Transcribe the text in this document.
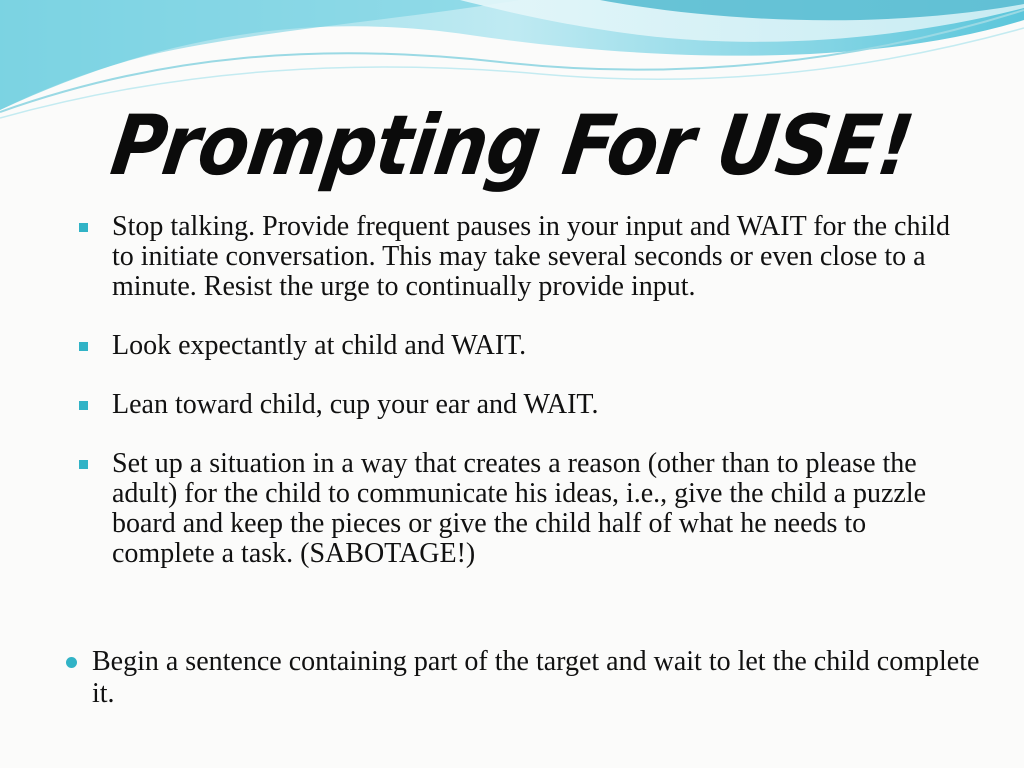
Prompting For USE!
Stop talking. Provide frequent pauses in your input and WAIT for the child to initiate conversation. This may take several seconds or even close to a minute. Resist the urge to continually provide input.
Look expectantly at child and WAIT.
Lean toward child, cup your ear and WAIT.
Set up a situation in a way that creates a reason (other than to please the adult) for the child to communicate his ideas, i.e., give the child a puzzle board and keep the pieces or give the child half of what he needs to complete a task. (SABOTAGE!)
Begin a sentence containing part of the target and wait to let the child complete it.
